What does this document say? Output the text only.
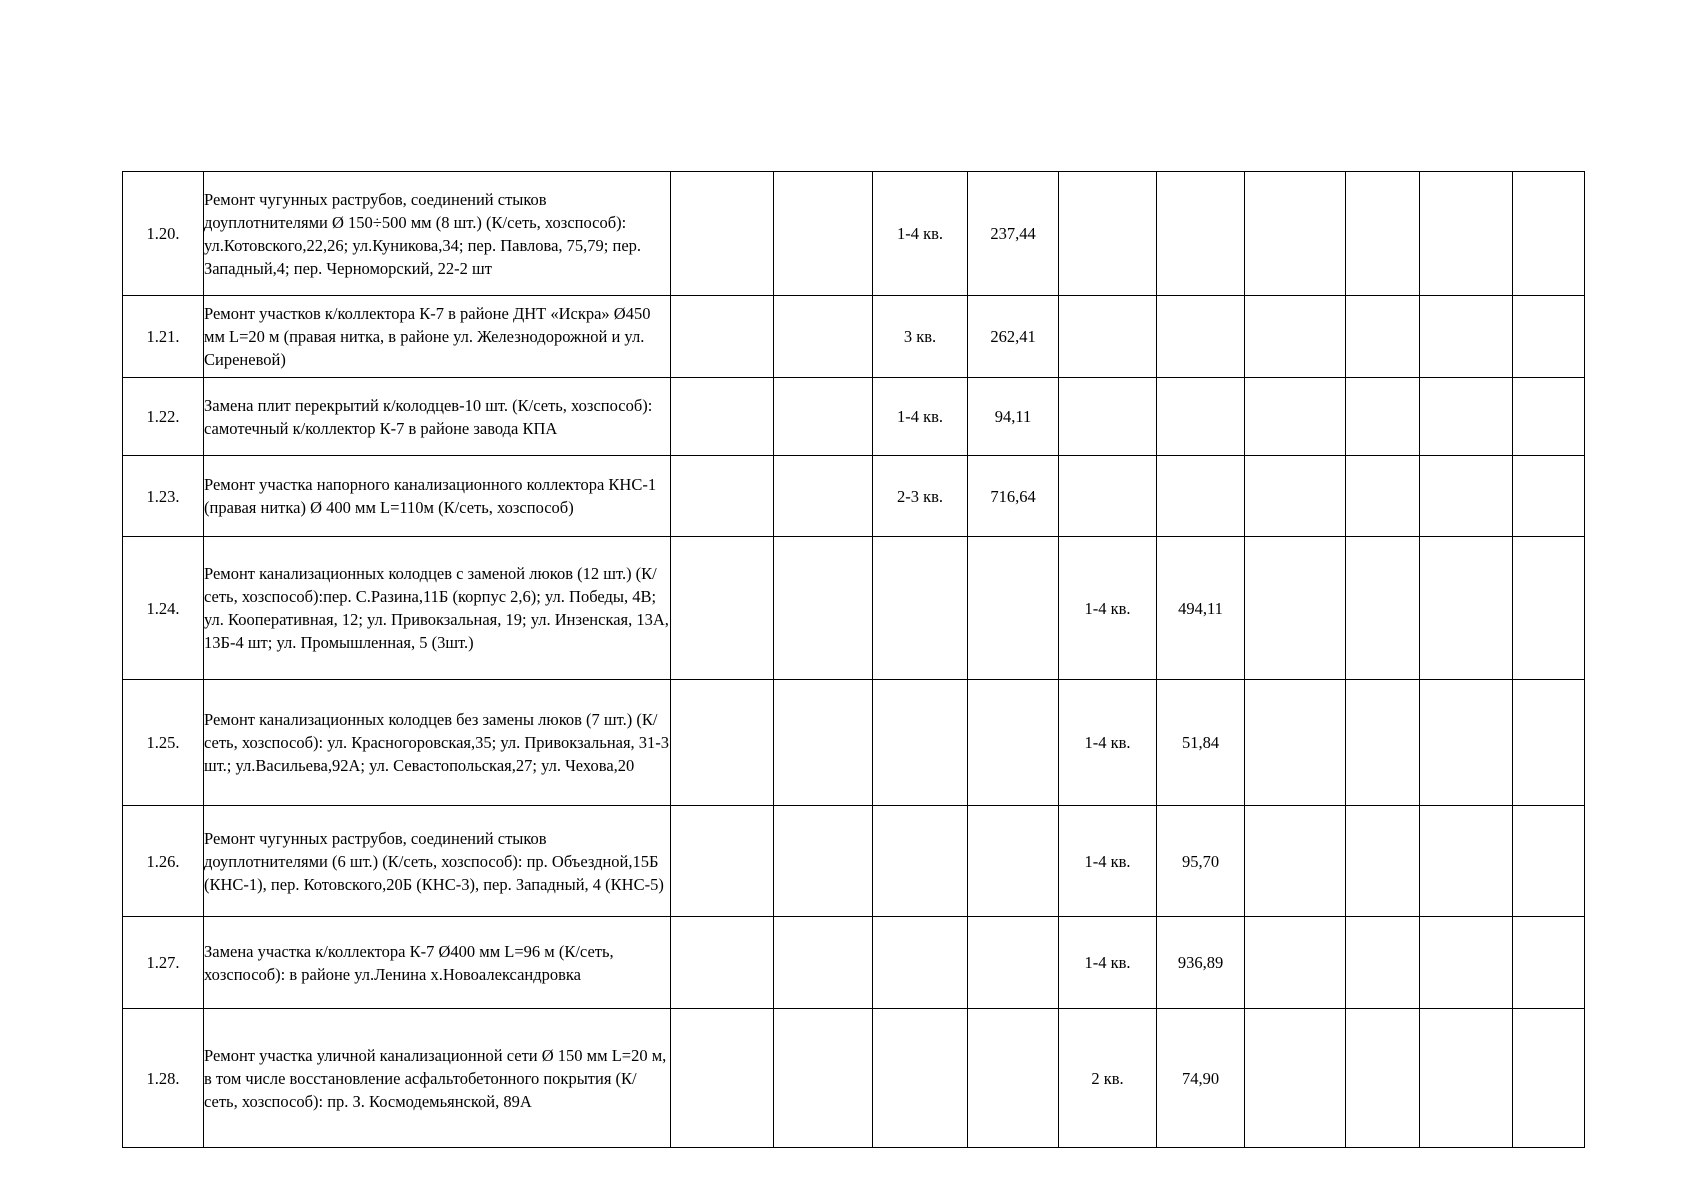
1.20.	Ремонт чугунных раструбов, соединений стыков доуплотнителями Ø 150÷500 мм (8 шт.) (К/сеть, хозспособ): ул.Котовского,22,26; ул.Куникова,34; пер. Павлова, 75,79; пер. Западный,4; пер. Черноморский, 22-2 шт			1-4 кв.	237,44						
1.21.	Ремонт участков к/коллектора К-7 в районе ДНТ «Искра» Ø450 мм L=20 м (правая нитка, в районе ул. Железнодорожной и ул. Сиреневой)			3 кв.	262,41						
1.22.	Замена плит перекрытий к/колодцев-10 шт. (К/сеть, хозспособ): самотечный к/коллектор К-7 в районе завода КПА			1-4 кв.	94,11						
1.23.	Ремонт участка напорного канализационного коллектора КНС-1 (правая нитка) Ø 400 мм L=110м (К/сеть, хозспособ)			2-3 кв.	716,64						
1.24.	Ремонт канализационных колодцев с заменой люков (12 шт.) (К/сеть, хозспособ):пер. С.Разина,11Б (корпус 2,6); ул. Победы, 4В; ул. Кооперативная, 12; ул. Привокзальная, 19; ул. Инзенская, 13А, 13Б-4 шт; ул. Промышленная, 5 (3шт.)					1-4 кв.	494,11				
1.25.	Ремонт канализационных колодцев без замены люков (7 шт.) (К/сеть, хозспособ): ул. Красногоровская,35; ул. Привокзальная, 31-3 шт.; ул.Васильева,92А; ул. Севастопольская,27; ул. Чехова,20					1-4 кв.	51,84				
1.26.	Ремонт чугунных раструбов, соединений стыков доуплотнителями (6 шт.) (К/сеть, хозспособ): пр. Объездной,15Б (КНС-1), пер. Котовского,20Б (КНС-3), пер. Западный, 4 (КНС-5)					1-4 кв.	95,70				
1.27.	Замена участка к/коллектора К-7 Ø400 мм L=96 м (К/сеть, хозспособ): в районе ул.Ленина х.Новоалександровка					1-4 кв.	936,89				
1.28.	Ремонт участка уличной канализационной сети Ø 150 мм L=20 м, в том числе восстановление асфальтобетонного покрытия (К/сеть, хозспособ): пр. З. Космодемьянской, 89А					2 кв.	74,90				
